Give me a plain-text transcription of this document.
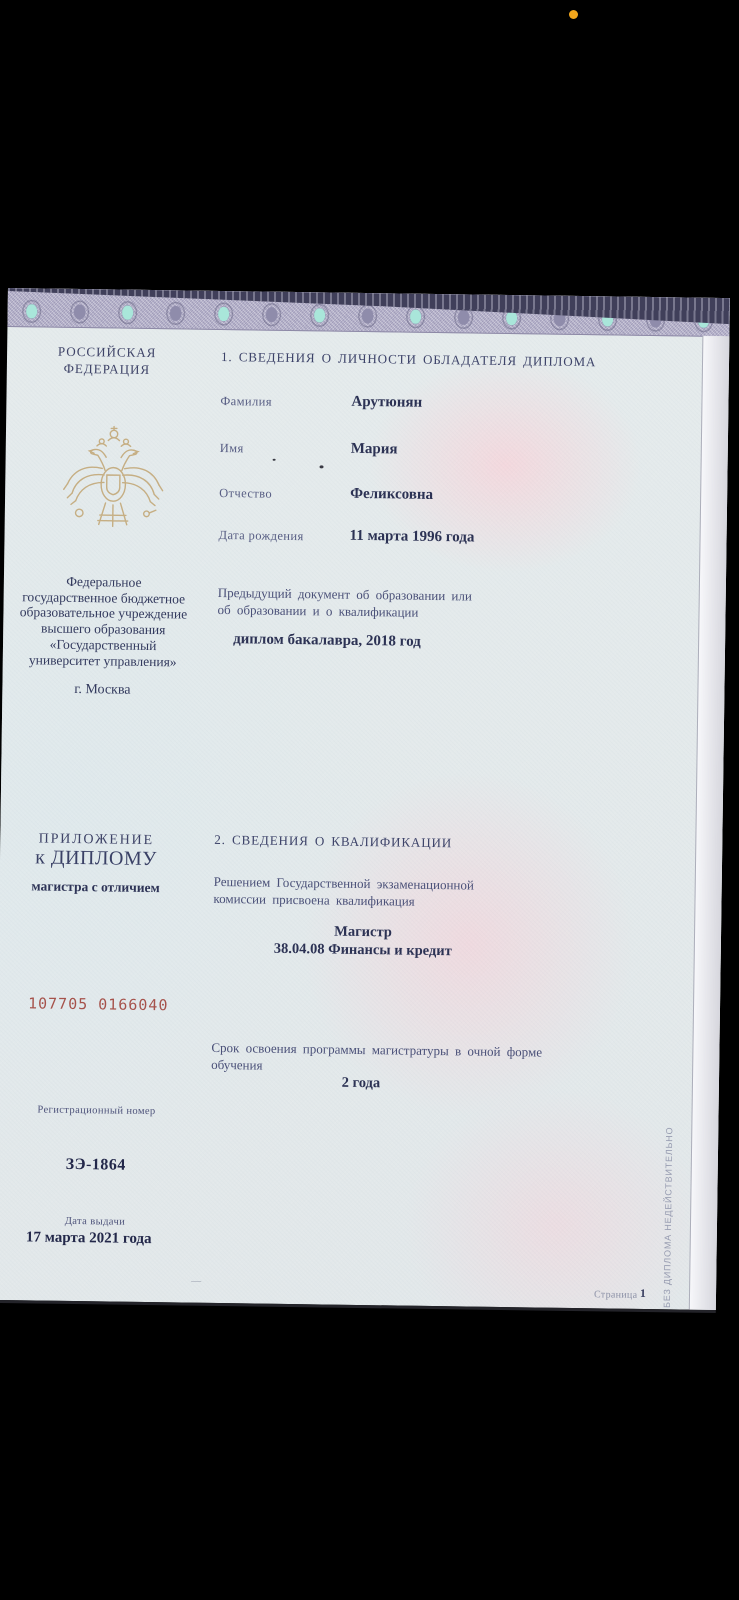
РОССИЙСКАЯ
ФЕДЕРАЦИЯ
Федеральное
государственное бюджетное
образовательное учреждение
высшего образования
«Государственный
университет управления»
г. Москва
ПРИЛОЖЕНИЕ
к ДИПЛОМУ
магистра с отличием
107705 0166040
Регистрационный номер
ЗЭ-1864
Дата выдачи
17 марта 2021 года
1. СВЕДЕНИЯ О ЛИЧНОСТИ ОБЛАДАТЕЛЯ ДИПЛОМА
Фамилия	Арутюнян
Имя	Мария
Отчество	Феликсовна
Дата рождения	11 марта 1996 года
Предыдущий документ об образовании или
об образовании и о квалификации
диплом бакалавра, 2018 год
2. СВЕДЕНИЯ О КВАЛИФИКАЦИИ
Решением Государственной экзаменационной
комиссии присвоена квалификация
Магистр
38.04.08 Финансы и кредит
Срок освоения программы магистратуры в очной форме
обучения
2 года
—
Страница 1 БЕЗ ДИПЛОМА НЕДЕЙСТВИТЕЛЬНО
